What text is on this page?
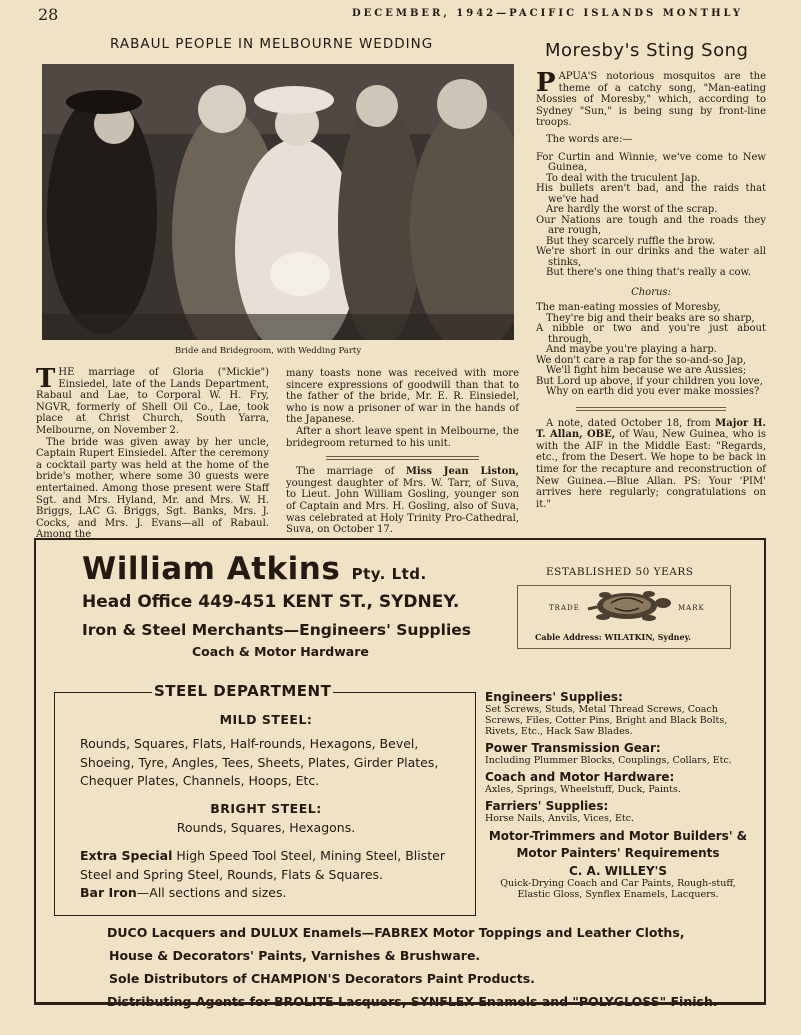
28	DECEMBER, 1942—PACIFIC ISLANDS MONTHLY
RABAUL PEOPLE IN MELBOURNE WEDDING
Bride and Bridegroom, with Wedding Party

THE marriage of Gloria ("Mickie") Einsiedel, late of the Lands Department, Rabaul and Lae, to Corporal W. H. Fry, NGVR, formerly of Shell Oil Co., Lae, took place at Christ Church, South Yarra, Melbourne, on November 2.

The bride was given away by her uncle, Captain Rupert Einsiedel. After the ceremony a cocktail party was held at the home of the bride's mother, where some 30 guests were entertained. Among those present were Staff Sgt. and Mrs. Hyland, Mr. and Mrs. W. H. Briggs, LAC G. Briggs, Sgt. Banks, Mrs. J. Cocks, and Mrs. J. Evans—all of Rabaul. Among the

many toasts none was received with more sincere expressions of goodwill than that to the father of the bride, Mr. E. R. Einsiedel, who is now a prisoner of war in the hands of the Japanese.

After a short leave spent in Melbourne, the bridegroom returned to his unit.

The marriage of Miss Jean Liston, youngest daughter of Mrs. W. Tarr, of Suva, to Lieut. John William Gosling, younger son of Captain and Mrs. H. Gosling, also of Suva, was celebrated at Holy Trinity Pro-Cathedral, Suva, on October 17.

Moresby's Sting Song

PAPUA'S notorious mosquitos are the theme of a catchy song, "Man-eating Mossies of Moresby," which, according to Sydney "Sun," is being sung by front-line troops.

The words are:—

For Curtin and Winnie, we've come to New Guinea,
To deal with the truculent Jap.
His bullets aren't bad, and the raids that we've had
Are hardly the worst of the scrap.
Our Nations are tough and the roads they are rough,
But they scarcely ruffle the brow.
We're short in our drinks and the water all stinks,
But there's one thing that's really a cow.
Chorus:
The man-eating mossies of Moresby,
They're big and their beaks are so sharp,
A nibble or two and you're just about through,
And maybe you're playing a harp.
We don't care a rap for the so-and-so Jap,
We'll fight him because we are Aussies;
But Lord up above, if your children you love,
Why on earth did you ever make mossies?

A note, dated October 18, from Major H. T. Allan, OBE, of Wau, New Guinea, who is with the AIF in the Middle East: "Regards, etc., from the Desert. We hope to be back in time for the recapture and reconstruction of New Guinea.—Blue Allan. PS: Your 'PIM' arrives here regularly; congratulations on it."

William Atkins Pty. Ltd.
Head Office 449-451 KENT ST., SYDNEY.
Iron & Steel Merchants—Engineers' Supplies
Coach & Motor Hardware
ESTABLISHED 50 YEARS
TRADE	MARK
Cable Address: WILATKIN, Sydney.
STEEL DEPARTMENT
MILD STEEL:
Rounds, Squares, Flats, Half-rounds, Hexagons, Bevel, Shoeing, Tyre, Angles, Tees, Sheets, Plates, Girder Plates, Chequer Plates, Channels, Hoops, Etc.
BRIGHT STEEL:
Rounds, Squares, Hexagons.
Extra Special High Speed Tool Steel, Mining Steel, Blister Steel and Spring Steel, Rounds, Flats & Squares.
Bar Iron—All sections and sizes.
Engineers' Supplies:
Set Screws, Studs, Metal Thread Screws, Coach Screws, Files, Cotter Pins, Bright and Black Bolts, Rivets, Etc., Hack Saw Blades.
Power Transmission Gear:
Including Plummer Blocks, Couplings, Collars, Etc.
Coach and Motor Hardware:
Axles, Springs, Wheelstuff, Duck, Paints.
Farriers' Supplies:
Horse Nails, Anvils, Vices, Etc.
Motor-Trimmers and Motor Builders' & Motor Painters' Requirements
C. A. WILLEY'S
Quick-Drying Coach and Car Paints, Rough-stuff, Elastic Gloss, Synflex Enamels, Lacquers.
DUCO Lacquers and DULUX Enamels—FABREX Motor Toppings and Leather Cloths,
House & Decorators' Paints, Varnishes & Brushware.
Sole Distributors of CHAMPION'S Decorators Paint Products.
